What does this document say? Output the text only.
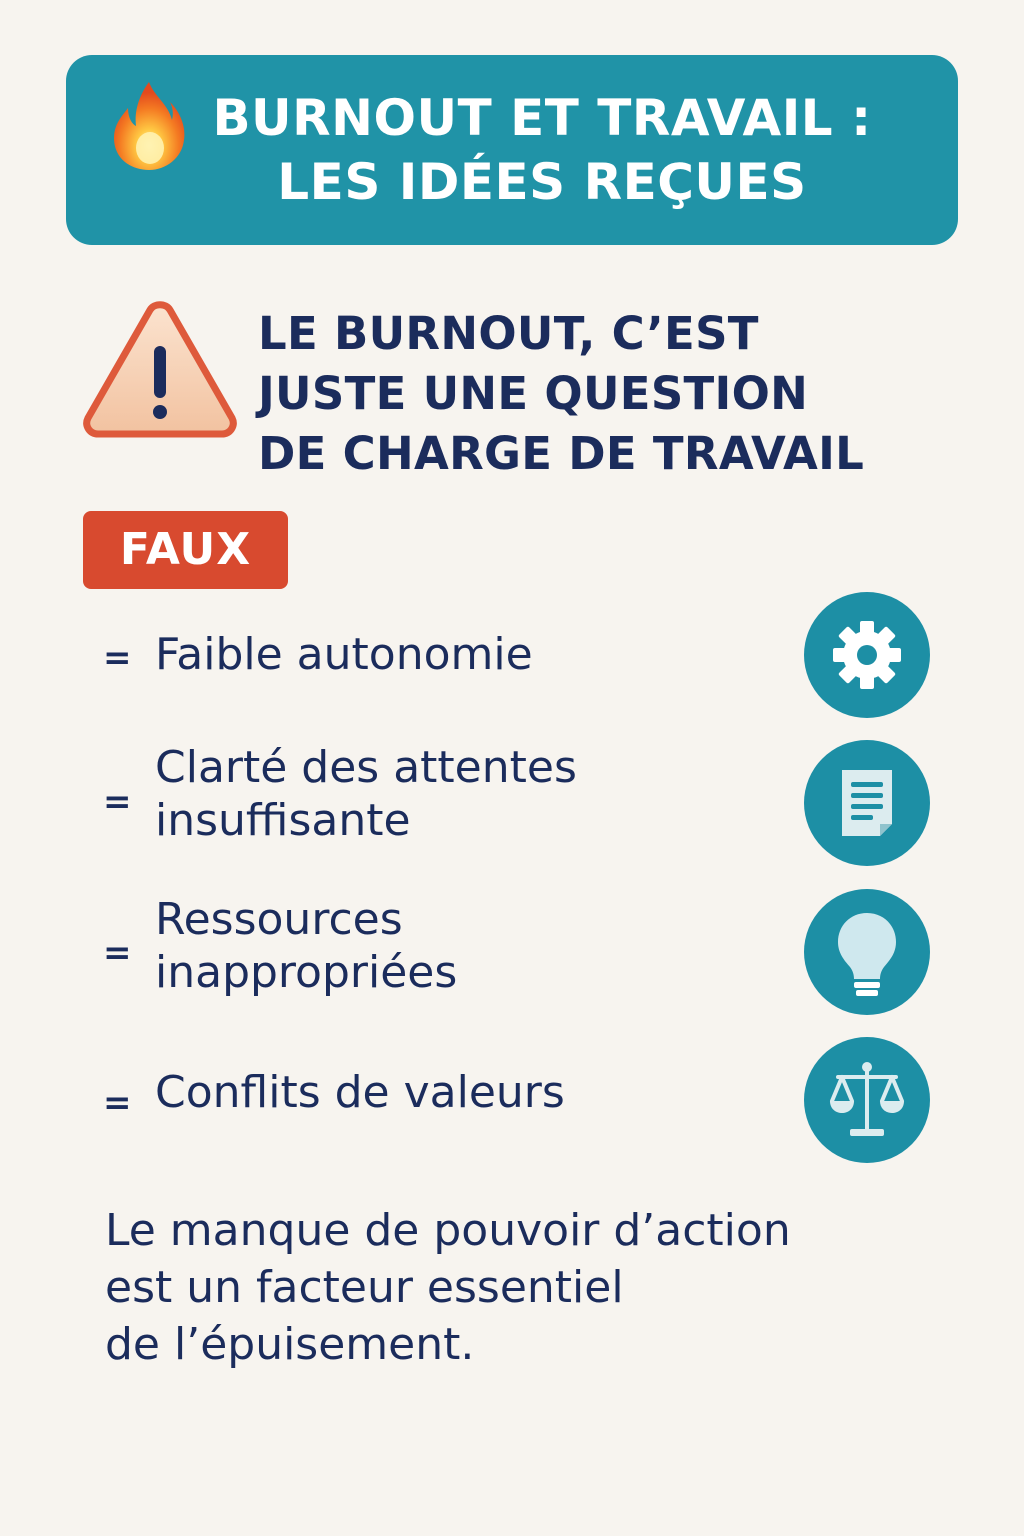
BURNOUT ET TRAVAIL :
LES IDÉES REÇUES
LE BURNOUT, C’EST
JUSTE UNE QUESTION
DE CHARGE DE TRAVAIL
FAUX
= Faible autonomie
=
Clarté des attentes
insuffisante
=
Ressources
inappropriées
= Conflits de valeurs
Le manque de pouvoir d’action
est un facteur essentiel
de l’épuisement.
